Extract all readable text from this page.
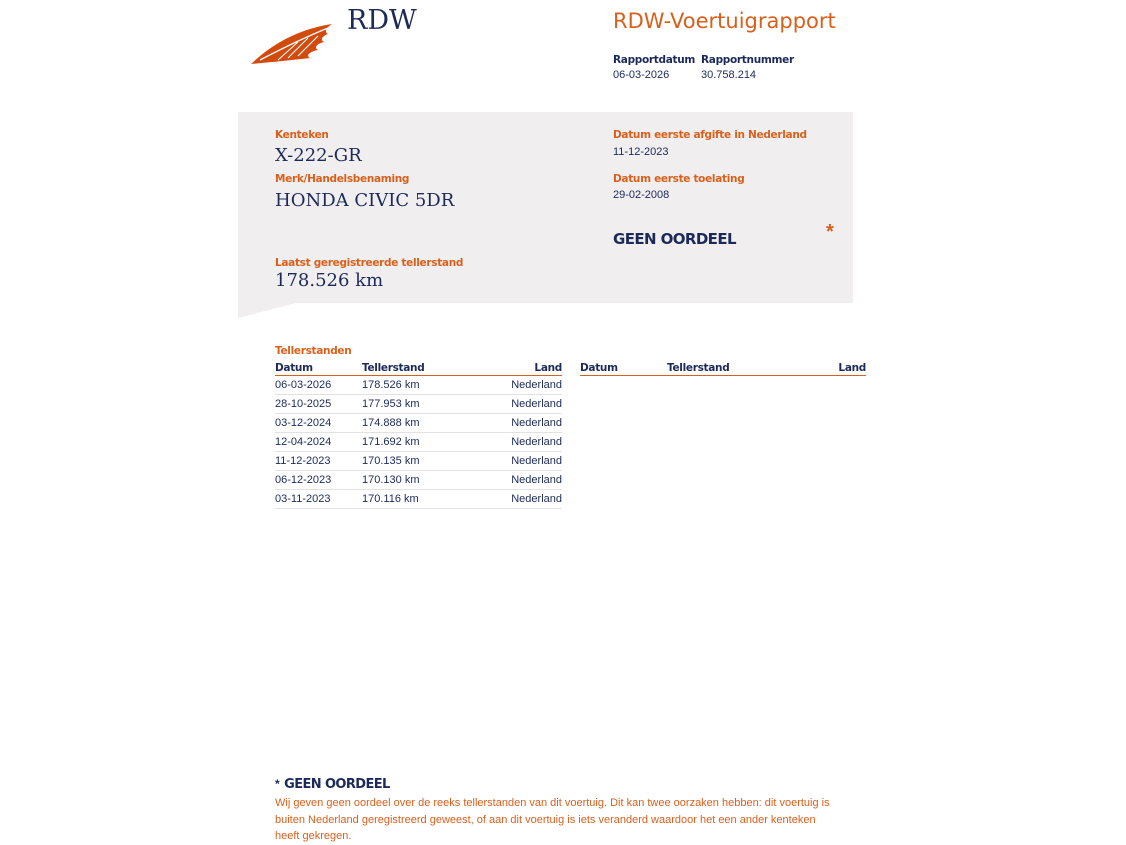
RDW	RDW-Voertuigrapport
Rapportdatum
06-03-2026
Rapportnummer
30.758.214
Kenteken
X-222-GR
Merk/Handelsbenaming
HONDA CIVIC 5DR
Laatst geregistreerde tellerstand
178.526 km
Datum eerste afgifte in Nederland
11-12-2023
Datum eerste toelating
29-02-2008
GEEN OORDEEL	*
Tellerstanden
Datum	Tellerstand	Land
06-03-2026	178.526 km	Nederland
28-10-2025	177.953 km	Nederland
03-12-2024	174.888 km	Nederland
12-04-2024	171.692 km	Nederland
11-12-2023	170.135 km	Nederland
06-12-2023	170.130 km	Nederland
03-11-2023	170.116 km	Nederland
Datum	Tellerstand	Land
* GEEN OORDEEL
Wij geven geen oordeel over de reeks tellerstanden van dit voertuig. Dit kan twee oorzaken hebben: dit voertuig is buiten Nederland geregistreerd geweest, of aan dit voertuig is iets veranderd waardoor het een ander kenteken heeft gekregen.
